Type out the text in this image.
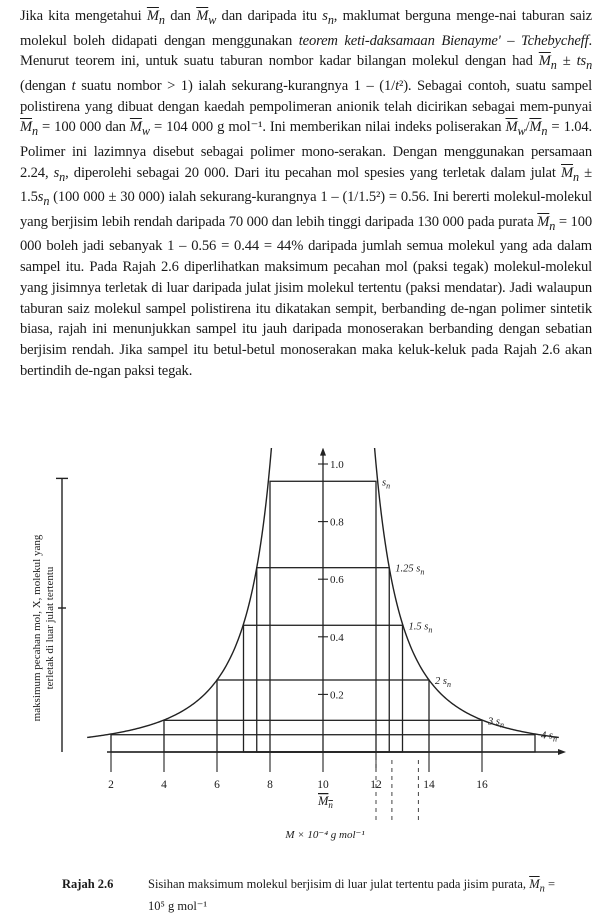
Jika kita mengetahui $\overline{M}_n$ dan $\overline{M}_w$ dan daripada itu $s_n$, maklumat berguna menge-nai taburan saiz molekul boleh didapati dengan menggunakan teorem keti-daksamaan Bienayme' – Tchebycheff. Menurut teorem ini, untuk suatu taburan nombor kadar bilangan molekul dengan had $\overline{M}_n \pm ts_n$ (dengan t suatu nombor > 1) ialah sekurang-kurangnya 1 – (1/t²). Sebagai contoh, suatu sampel polistirena yang dibuat dengan kaedah pempolimeran anionik telah dicirikan sebagai mem-punyai $\overline{M}_n = 100$ 000 dan $\overline{M}_w = 104$ 000 g mol⁻¹. Ini memberikan nilai indeks poliserakan $\overline{M}_w/\overline{M}_n = 1.04$. Polimer ini lazimnya disebut sebagai polimer mono-serakan. Dengan menggunakan persamaan 2.24, $s_n$, diperolehi sebagai 20 000. Dari itu pecahan mol spesies yang terletak dalam julat $\overline{M}_n \pm 1.5s_n$ (100 000 ± 30 000) ialah sekurang-kurangnya 1 – (1/1.5²) = 0.56. Ini bererti molekul-molekul yang berjisim lebih rendah daripada 70 000 dan lebih tinggi daripada 130 000 pada purata $\overline{M}_n = 100$ 000 boleh jadi sebanyak 1 – 0.56 = 0.44 = 44% daripada jumlah semua molekul yang ada dalam sampel itu. Pada Rajah 2.6 diperlihatkan maksimum pecahan mol (paksi tegak) molekul-molekul yang jisimnya terletak di luar daripada julat jisim molekul tertentu (paksi mendatar). Jadi walaupun taburan saiz molekul sampel polistirena itu dikatakan sempit, berbanding de-ngan polimer sintetik biasa, rajah ini menunjukkan sampel itu jauh daripada monoserakan berbanding dengan sebatian berjisim rendah. Jika sampel itu betul-betul monoserakan maka keluk-keluk pada Rajah 2.6 akan bertindih de-ngan paksi tegak.
2	4	6	8	10	12	14	16
0.2
0.4
0.6
0.8
1.0
$s_n$
1.25 $s_n$
1.5 $s_n$
2 $s_n$
3 $s_n$
4 $s_n$
maksimum pecahan mol, X, molekul yang terletak di luar julat tertentu
$M_n$
M × 10⁻⁴ g mol⁻¹
Rajah 2.6	Sisihan maksimum molekul berjisim di luar julat tertentu pada jisim purata, $\overline{M}_n = 10^5$ g mol⁻¹
